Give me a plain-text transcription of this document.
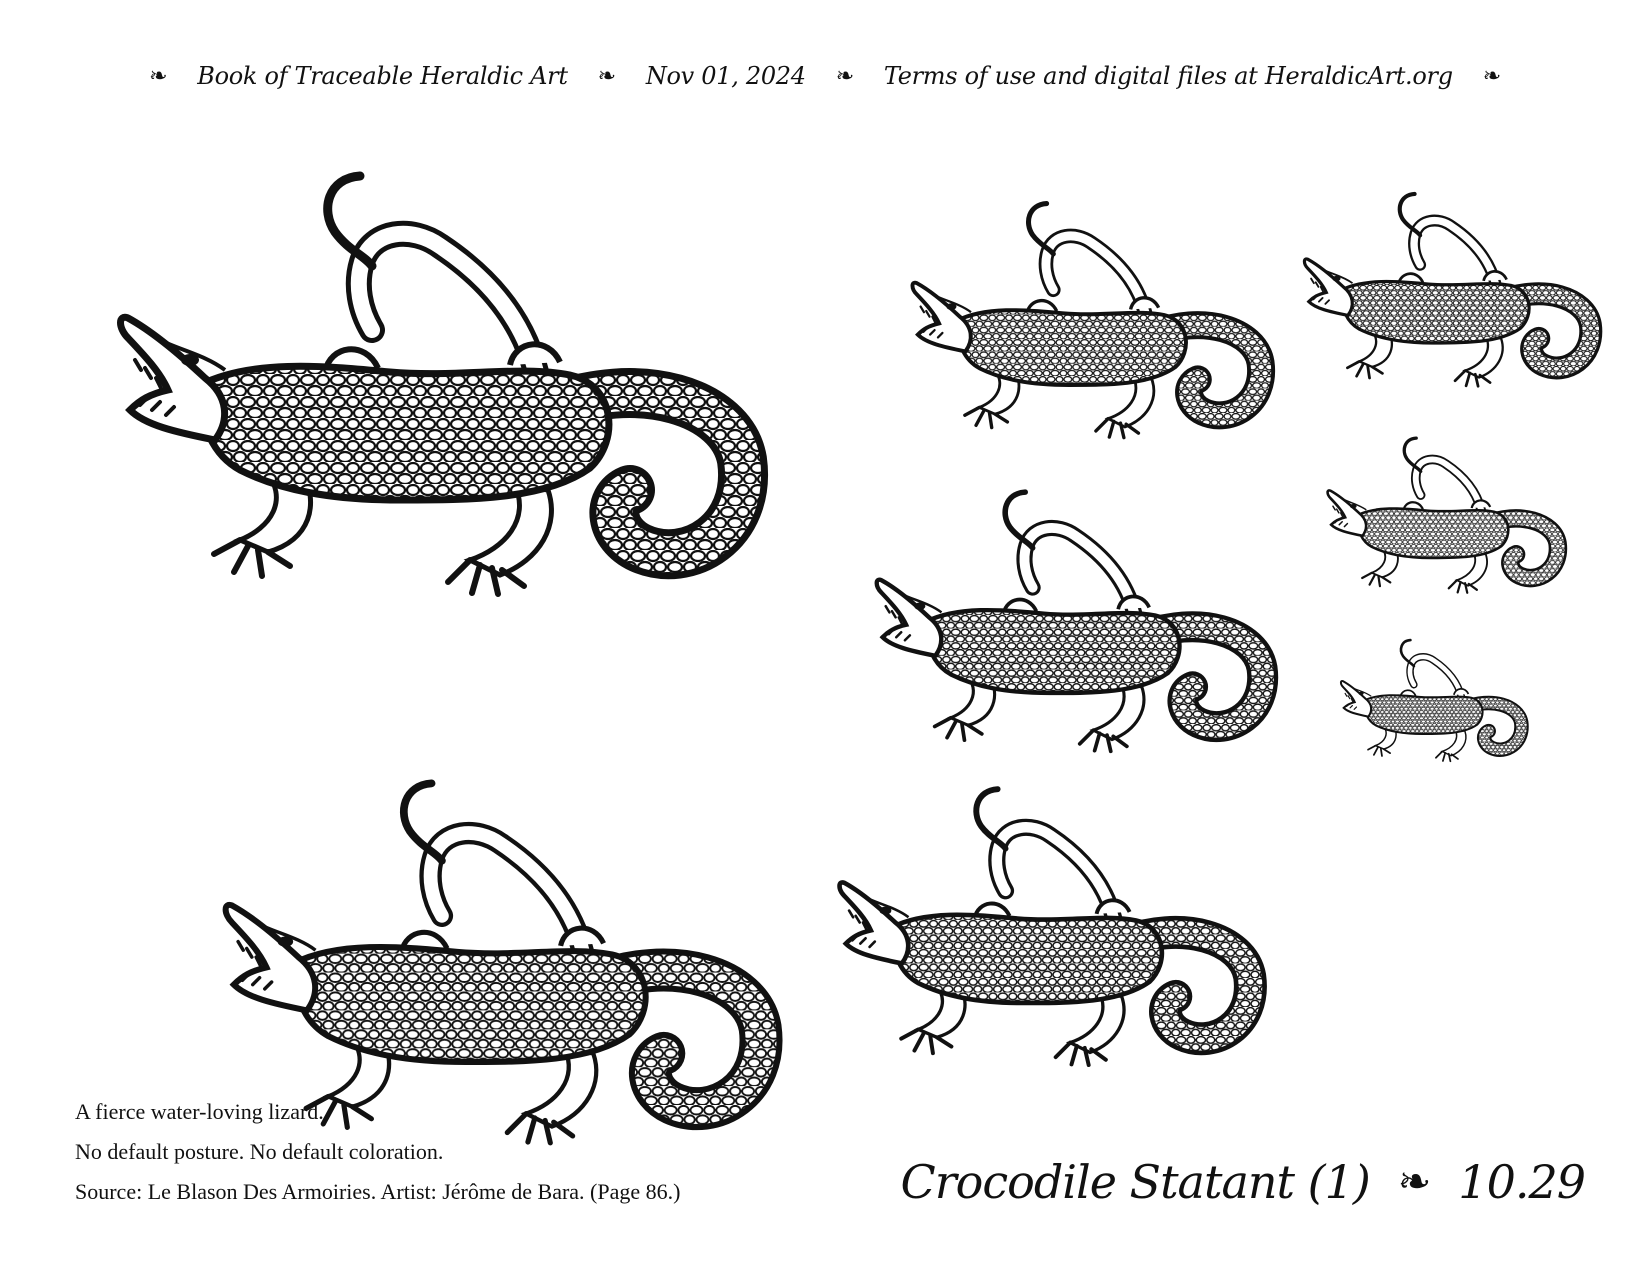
❧ Book of Traceable Heraldic Art ❧ Nov 01, 2024 ❧ Terms of use and digital files at HeraldicArt.org ❧
A fierce water-loving lizard.
No default posture. No default coloration.
Source: Le Blason Des Armoiries. Artist: Jérôme de Bara. (Page 86.)	Crocodile Statant (1) ❧ 10.29
